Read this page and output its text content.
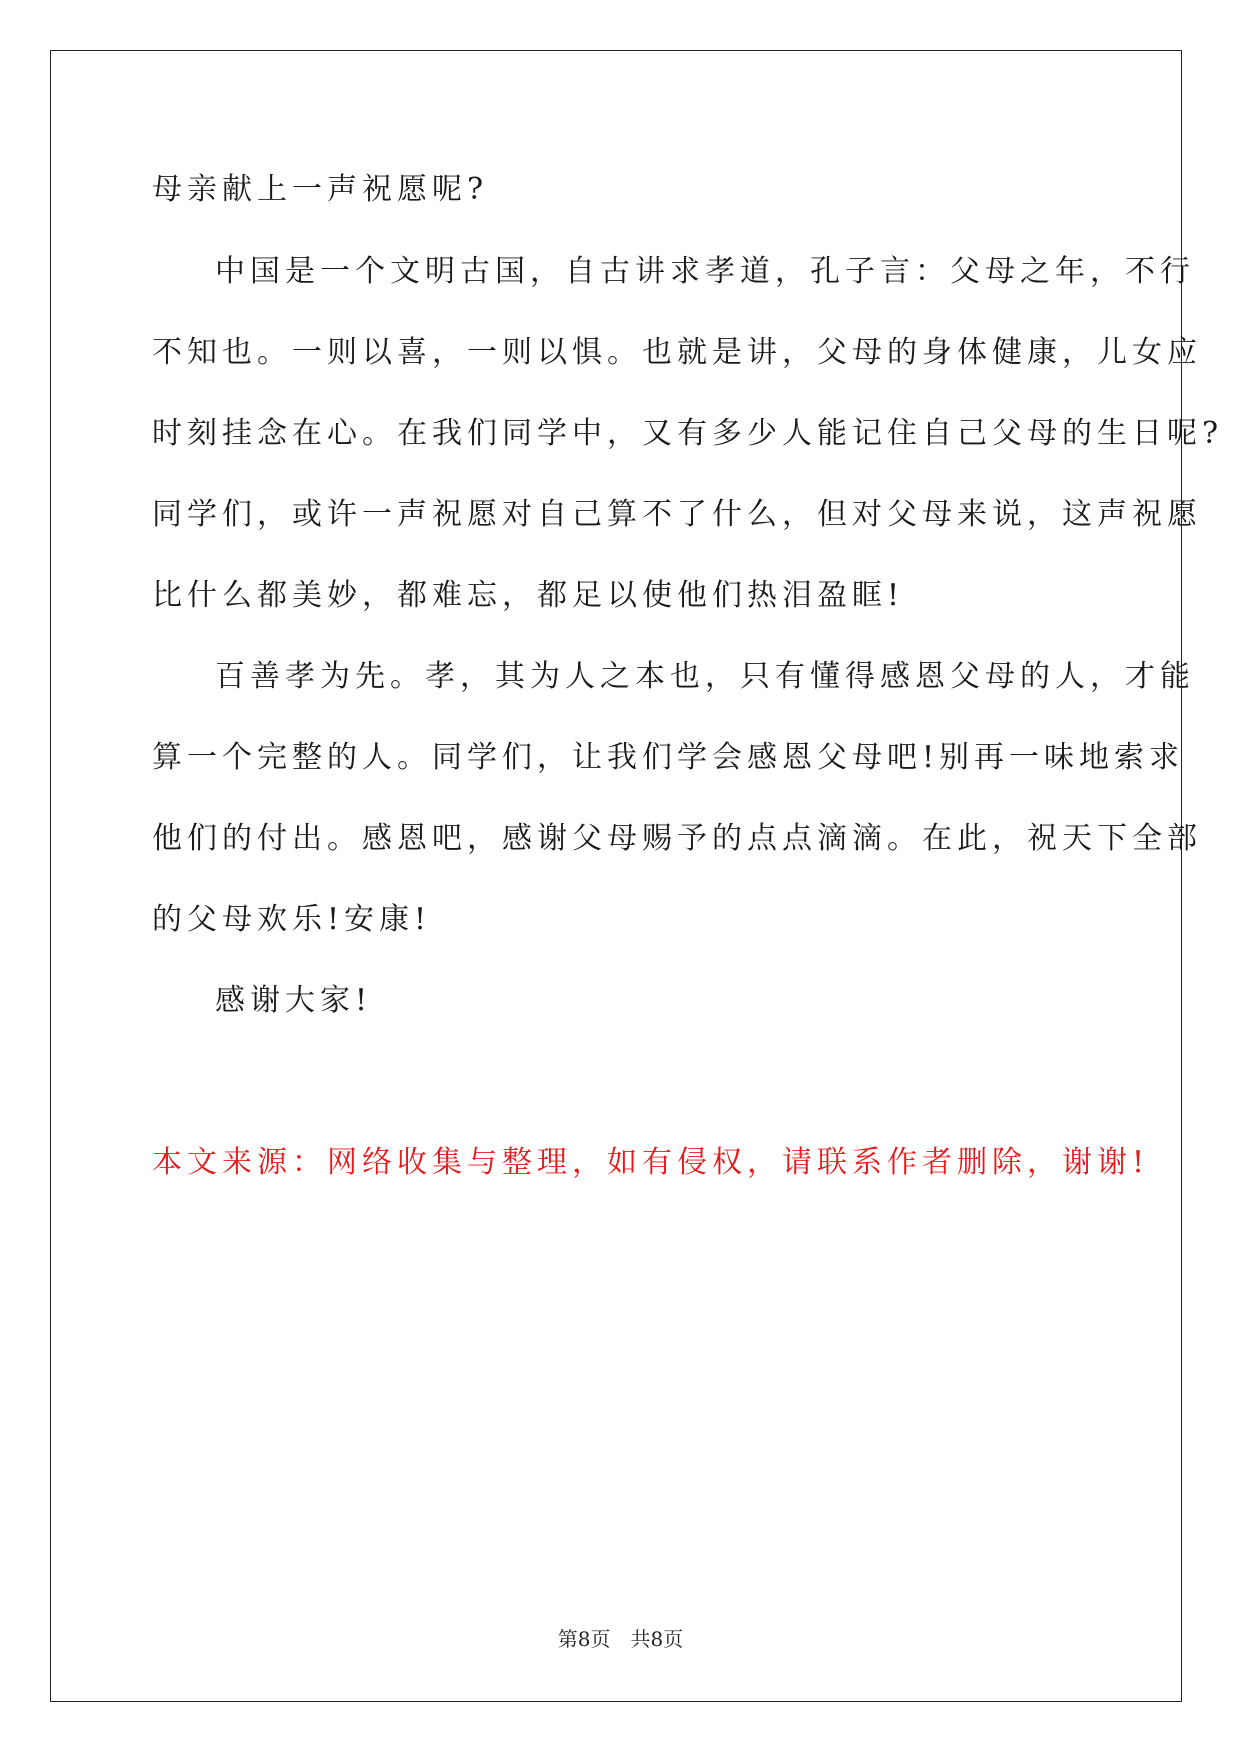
母亲献上一声祝愿呢?
中国是一个文明古国，自古讲求孝道，孔子言：父母之年，不行
不知也。一则以喜，一则以惧。也就是讲，父母的身体健康，儿女应
时刻挂念在心。在我们同学中，又有多少人能记住自己父母的生日呢?
同学们，或许一声祝愿对自己算不了什么，但对父母来说，这声祝愿
比什么都美妙，都难忘，都足以使他们热泪盈眶!
百善孝为先。孝，其为人之本也，只有懂得感恩父母的人，才能
算一个完整的人。同学们，让我们学会感恩父母吧!别再一味地索求
他们的付出。感恩吧，感谢父母赐予的点点滴滴。在此，祝天下全部
的父母欢乐!安康!
感谢大家!
本文来源：网络收集与整理，如有侵权，请联系作者删除，谢谢!
第8页 共8页
